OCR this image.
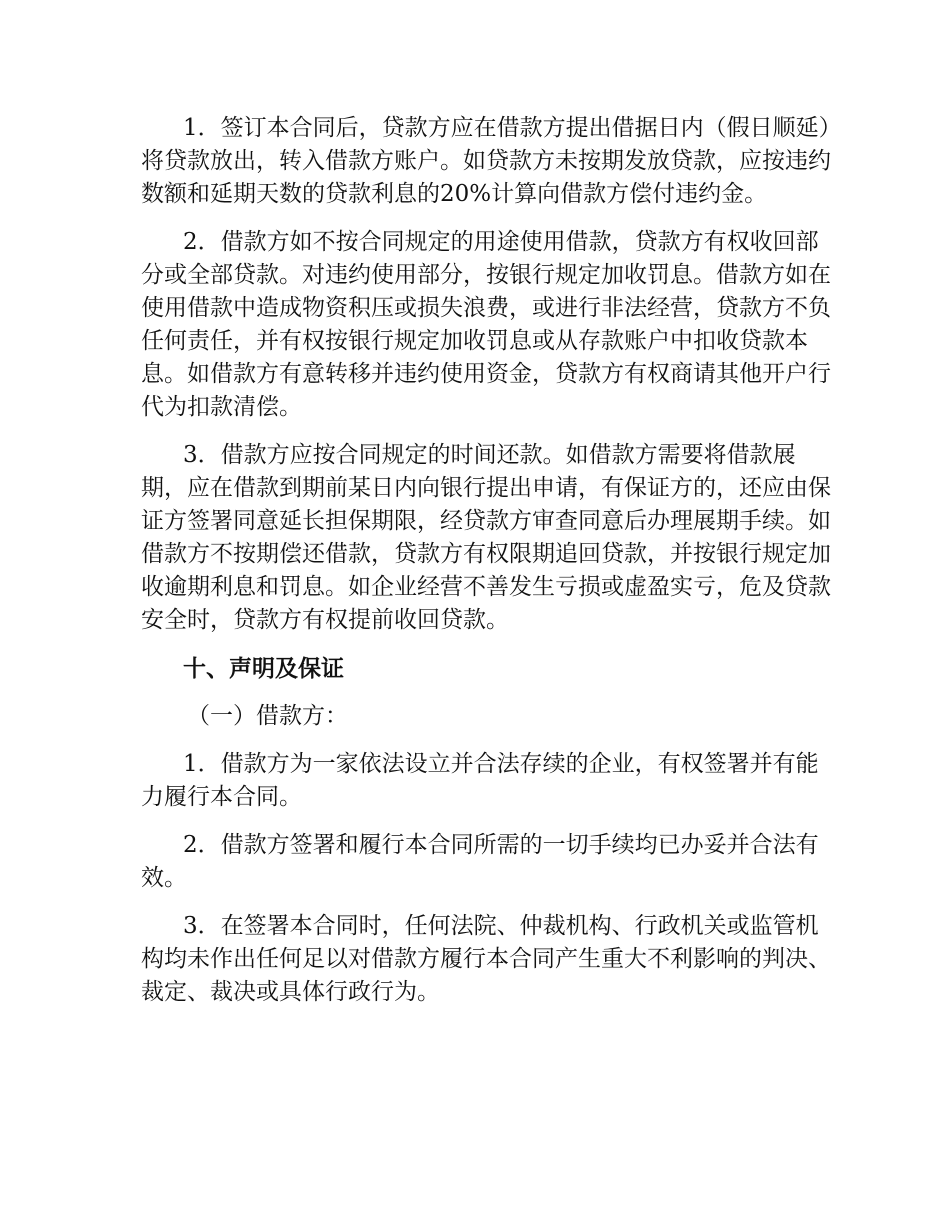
1．签订本合同后，贷款方应在借款方提出借据日内（假日顺延）将贷款放出，转入借款方账户。如贷款方未按期发放贷款，应按违约数额和延期天数的贷款利息的20%计算向借款方偿付违约金。

2．借款方如不按合同规定的用途使用借款，贷款方有权收回部分或全部贷款。对违约使用部分，按银行规定加收罚息。借款方如在使用借款中造成物资积压或损失浪费，或进行非法经营，贷款方不负任何责任，并有权按银行规定加收罚息或从存款账户中扣收贷款本息。如借款方有意转移并违约使用资金，贷款方有权商请其他开户行代为扣款清偿。

3．借款方应按合同规定的时间还款。如借款方需要将借款展期，应在借款到期前某日内向银行提出申请，有保证方的，还应由保证方签署同意延长担保期限，经贷款方审查同意后办理展期手续。如借款方不按期偿还借款，贷款方有权限期追回贷款，并按银行规定加收逾期利息和罚息。如企业经营不善发生亏损或虚盈实亏，危及贷款安全时，贷款方有权提前收回贷款。

十、声明及保证

（一）借款方：

1．借款方为一家依法设立并合法存续的企业，有权签署并有能力履行本合同。

2．借款方签署和履行本合同所需的一切手续均已办妥并合法有效。

3．在签署本合同时，任何法院、仲裁机构、行政机关或监管机构均未作出任何足以对借款方履行本合同产生重大不利影响的判决、裁定、裁决或具体行政行为。
